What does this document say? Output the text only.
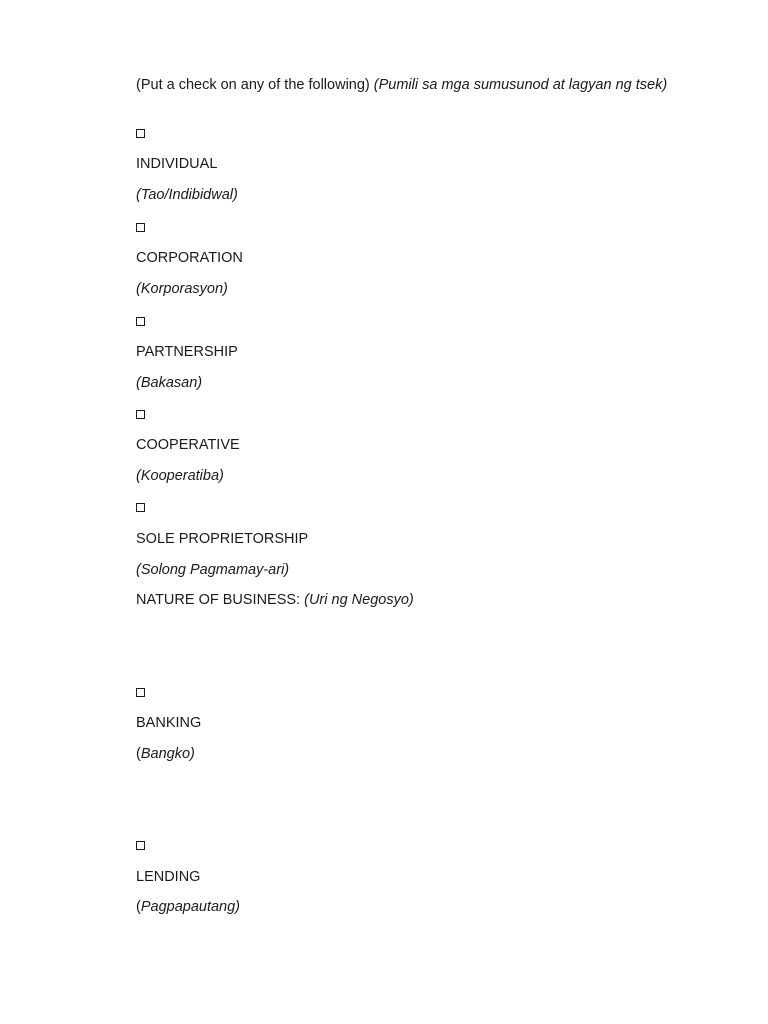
(Put a check on any of the following) (Pumili sa mga sumusunod at lagyan ng tsek)
INDIVIDUAL
(Tao/Indibidwal)
CORPORATION
(Korporasyon)
PARTNERSHIP
(Bakasan)
COOPERATIVE
(Kooperatiba)
SOLE PROPRIETORSHIP
(Solong Pagmamay-ari)
NATURE OF BUSINESS: (Uri ng Negosyo)
BANKING
(Bangko)
LENDING
(Pagpapautang)
